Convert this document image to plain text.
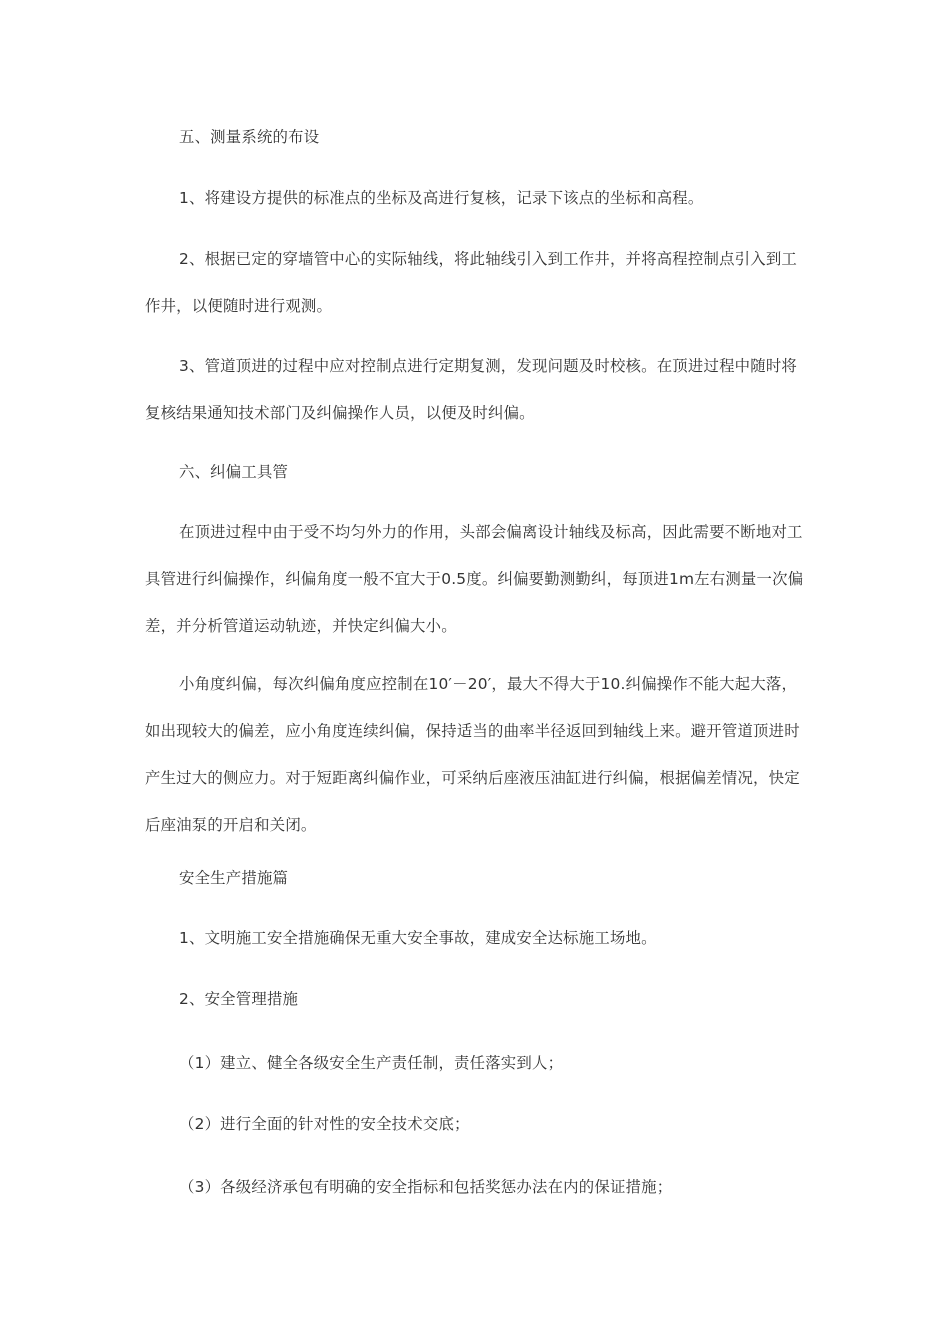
五、测量系统的布设
1、将建设方提供的标准点的坐标及高进行复核，记录下该点的坐标和高程。
2、根据已定的穿墙管中心的实际轴线，将此轴线引入到工作井，并将高程控制点引入到工作井，以便随时进行观测。
3、管道顶进的过程中应对控制点进行定期复测，发现问题及时校核。在顶进过程中随时将复核结果通知技术部门及纠偏操作人员，以便及时纠偏。
六、纠偏工具管
在顶进过程中由于受不均匀外力的作用，头部会偏离设计轴线及标高，因此需要不断地对工具管进行纠偏操作，纠偏角度一般不宜大于0.5度。纠偏要勤测勤纠，每顶进1m左右测量一次偏差，并分析管道运动轨迹，并快定纠偏大小。
小角度纠偏，每次纠偏角度应控制在10′－20′，最大不得大于10.纠偏操作不能大起大落，如出现较大的偏差，应小角度连续纠偏，保持适当的曲率半径返回到轴线上来。避开管道顶进时产生过大的侧应力。对于短距离纠偏作业，可采纳后座液压油缸进行纠偏，根据偏差情况，快定后座油泵的开启和关闭。
安全生产措施篇
1、文明施工安全措施确保无重大安全事故，建成安全达标施工场地。
2、安全管理措施
（1）建立、健全各级安全生产责任制，责任落实到人；
（2）进行全面的针对性的安全技术交底；
（3）各级经济承包有明确的安全指标和包括奖惩办法在内的保证措施；
